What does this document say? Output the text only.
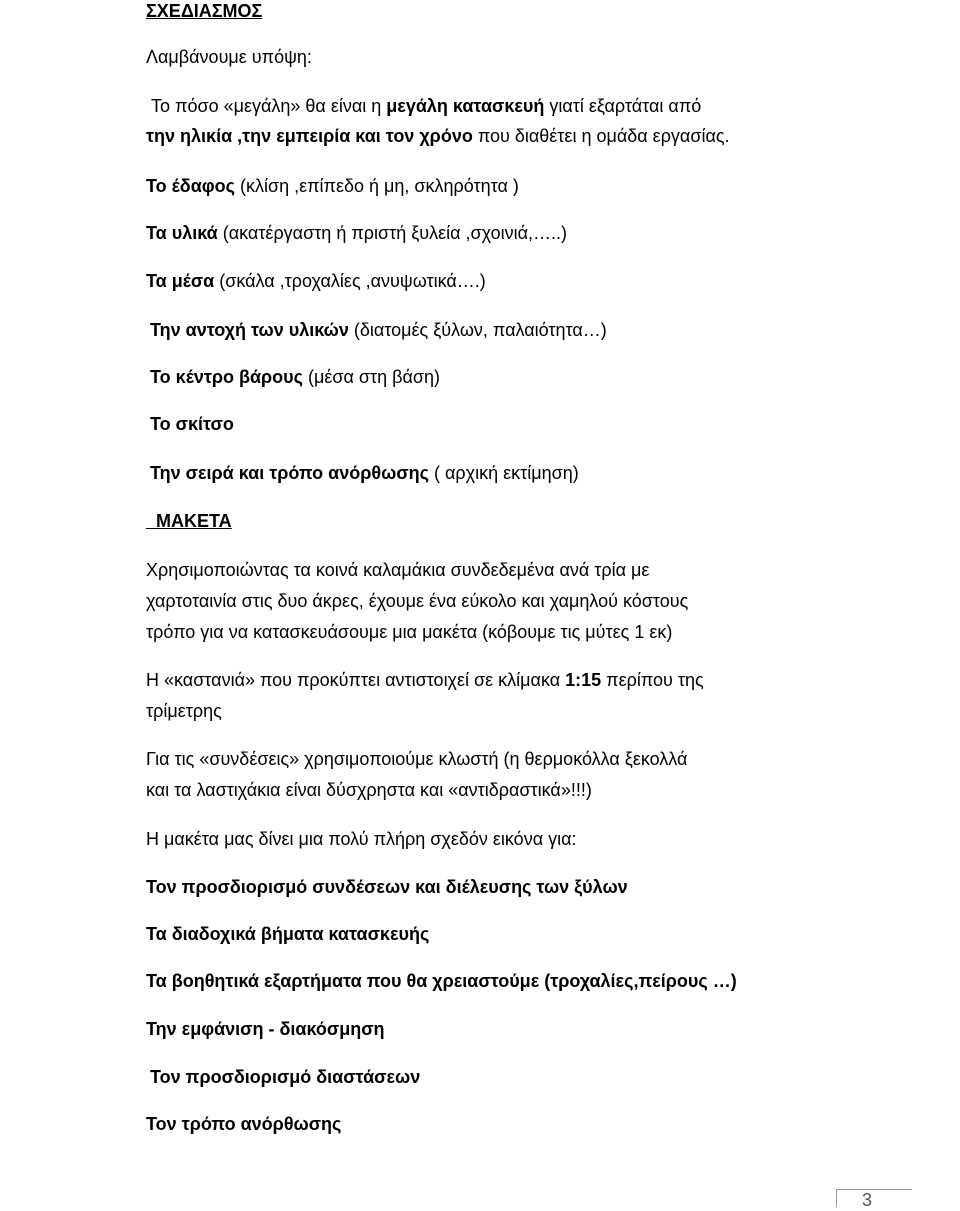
ΣΧΕΔΙΑΣΜΟΣ
Λαμβάνουμε υπόψη:
Το πόσο «μεγάλη» θα είναι η μεγάλη κατασκευή γιατί εξαρτάται από
την ηλικία ,την εμπειρία και τον χρόνο που διαθέτει η ομάδα εργασίας.
Το έδαφος (κλίση ,επίπεδο ή μη, σκληρότητα )
Τα υλικά (ακατέργαστη ή πριστή ξυλεία ,σχοινιά,…..)
Τα μέσα (σκάλα ,τροχαλίες ,ανυψωτικά….)
Την αντοχή των υλικών (διατομές ξύλων, παλαιότητα…)
Το κέντρο βάρους (μέσα στη βάση)
Το σκίτσο
Την σειρά και τρόπο ανόρθωσης ( αρχική εκτίμηση)
ΜΑΚΕΤΑ
Χρησιμοποιώντας τα κοινά καλαμάκια συνδεδεμένα ανά τρία με
χαρτοταινία στις δυο άκρες, έχουμε ένα εύκολο και χαμηλού κόστους
τρόπο για να κατασκευάσουμε μια μακέτα (κόβουμε τις μύτες 1 εκ)
Η «καστανιά» που προκύπτει αντιστοιχεί σε κλίμακα 1:15 περίπου της
τρίμετρης
Για τις «συνδέσεις» χρησιμοποιούμε κλωστή (η θερμοκόλλα ξεκολλά
και τα λαστιχάκια είναι δύσχρηστα και «αντιδραστικά»!!!)
Η μακέτα μας δίνει μια πολύ πλήρη σχεδόν εικόνα για:
Τον προσδιορισμό συνδέσεων και διέλευσης των ξύλων
Τα διαδοχικά βήματα κατασκευής
Τα βοηθητικά εξαρτήματα που θα χρειαστούμε (τροχαλίες,πείρους …)
Την εμφάνιση - διακόσμηση
Τον προσδιορισμό διαστάσεων
Τον τρόπο ανόρθωσης
3
